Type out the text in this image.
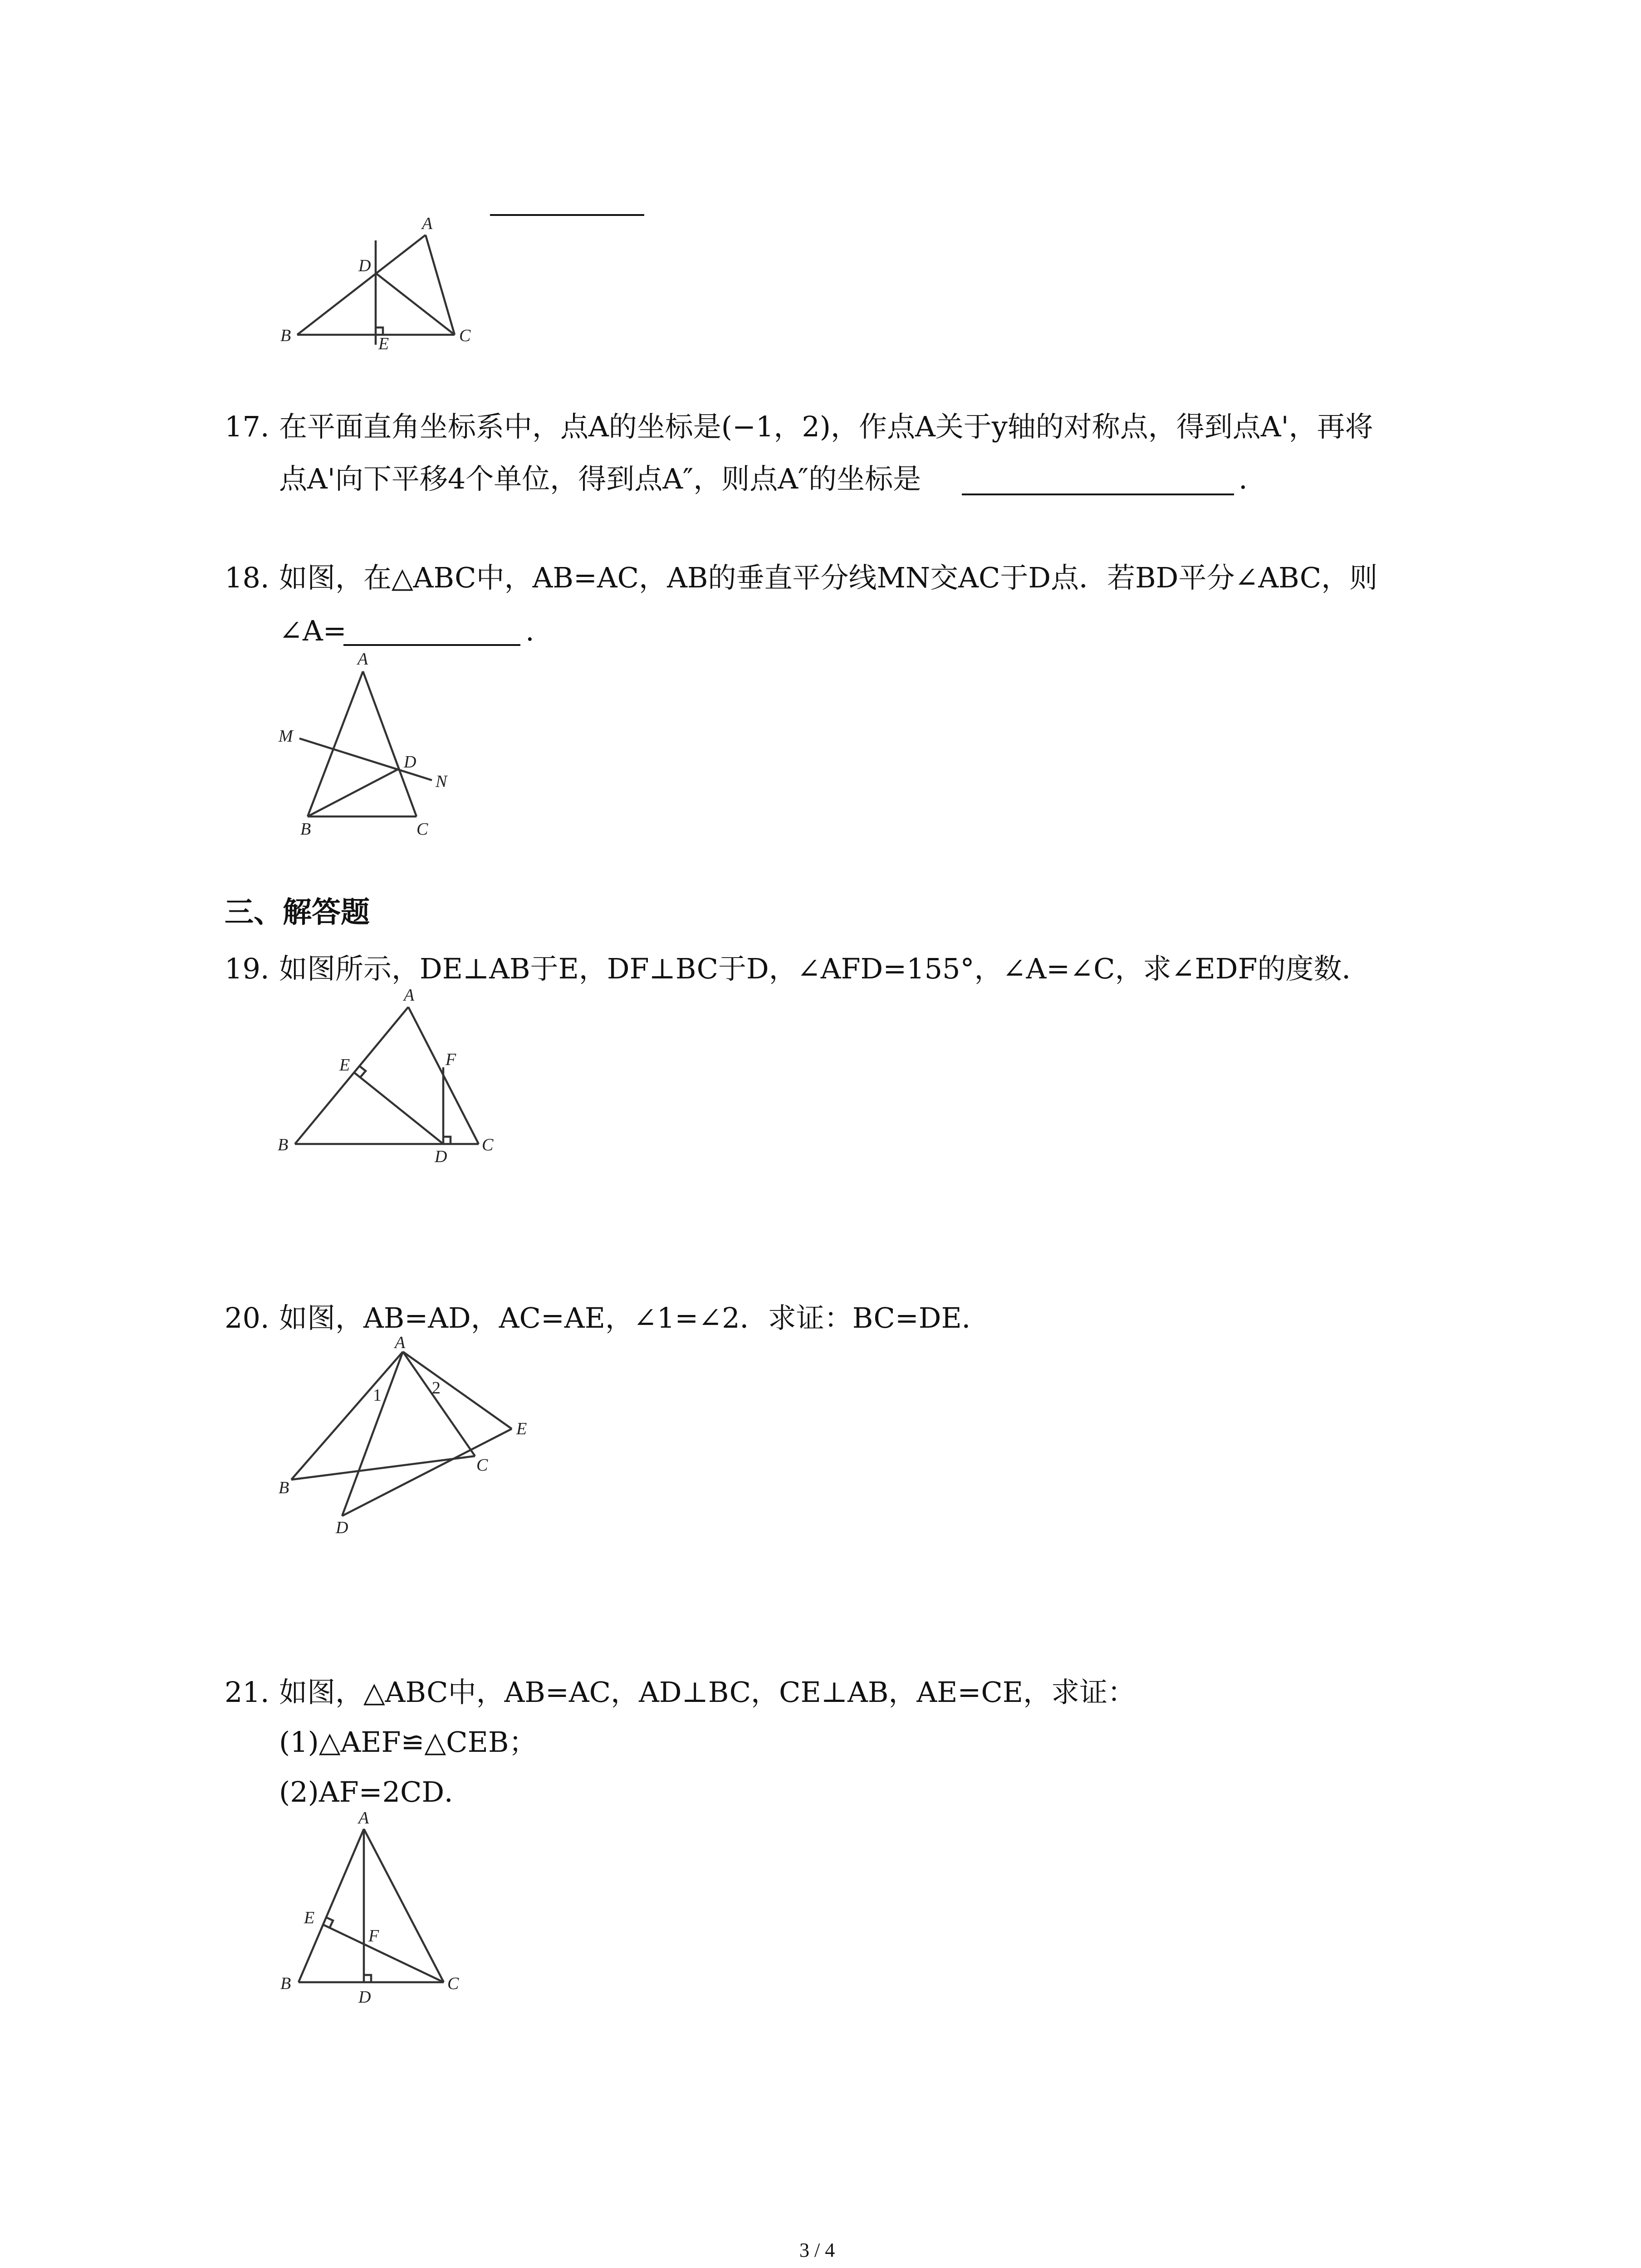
A
D
B	E	C
17. 在平面直角坐标系中，点A的坐标是(−1，2)，作点A关于y轴的对称点，得到点A'，再将
点A'向下平移4个单位，得到点A″，则点A″的坐标是	.
18. 如图，在△ABC中，AB=AC，AB的垂直平分线MN交AC于D点．若BD平分∠ABC，则
∠A=	.
A
M
D
N
B	C
三、解答题
19. 如图所示，DE⊥AB于E，DF⊥BC于D，∠AFD=155°，∠A=∠C，求∠EDF的度数．
A
E	F
B
D
C
20. 如图，AB=AD，AC=AE，∠1=∠2．求证：BC=DE．
A
1	2
E
C
B
D
21. 如图，△ABC中，AB=AC，AD⊥BC，CE⊥AB，AE=CE，求证：
(1)△AEF≌△CEB；
(2)AF=2CD．
A
E
F
B
D
C
3 / 4
